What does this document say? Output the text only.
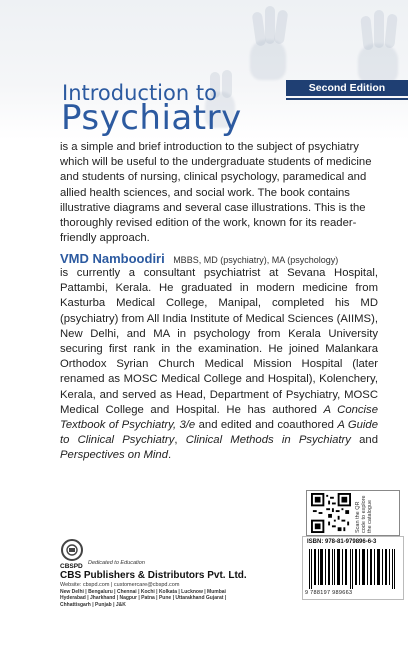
Second Edition
Introduction to
Psychiatry
is a simple and brief introduction to the subject of psychiatry which will be useful to the undergraduate students of medicine and students of nursing, clinical psychology, paramedical and allied health sciences, and social work. The book contains illustrative diagrams and several case illustrations. This is the thoroughly revised edition of the work, known for its reader-friendly approach.
VMD Namboodiri MBBS, MD (psychiatry), MA (psychology)
is currently a consultant psychiatrist at Sevana Hospital, Pattambi, Kerala. He graduated in modern medicine from Kasturba Medical College, Manipal, completed his MD (psychiatry) from All India Institute of Medical Sciences (AIIMS), New Delhi, and MA in psychology from Kerala University securing first rank in the examination. He joined Malankara Orthodox Syrian Church Medical Mission Hospital (later renamed as MOSC Medical College and Hospital), Kolenchery, Kerala, and served as Head, Department of Psychiatry, MOSC Medical College and Hospital. He has authored A Concise Textbook of Psychiatry, 3/e and edited and coauthored A Guide to Clinical Psychiatry, Clinical Methods in Psychiatry and Perspectives on Mind.
Scan the QR code to explore the catalogue
ISBN: 978-81-979896-6-3
9 788197 989663
CBSPD Dedicated to Education
CBS Publishers & Distributors Pvt. Ltd.
Website: cbspd.com | customercare@cbspd.com
New Delhi | Bengaluru | Chennai | Kochi | Kolkata | Lucknow | Mumbai Hyderabad | Jharkhand | Nagpur | Patna | Pune | Uttarakhand Gujarat | Chhattisgarh | Punjab | J&K
